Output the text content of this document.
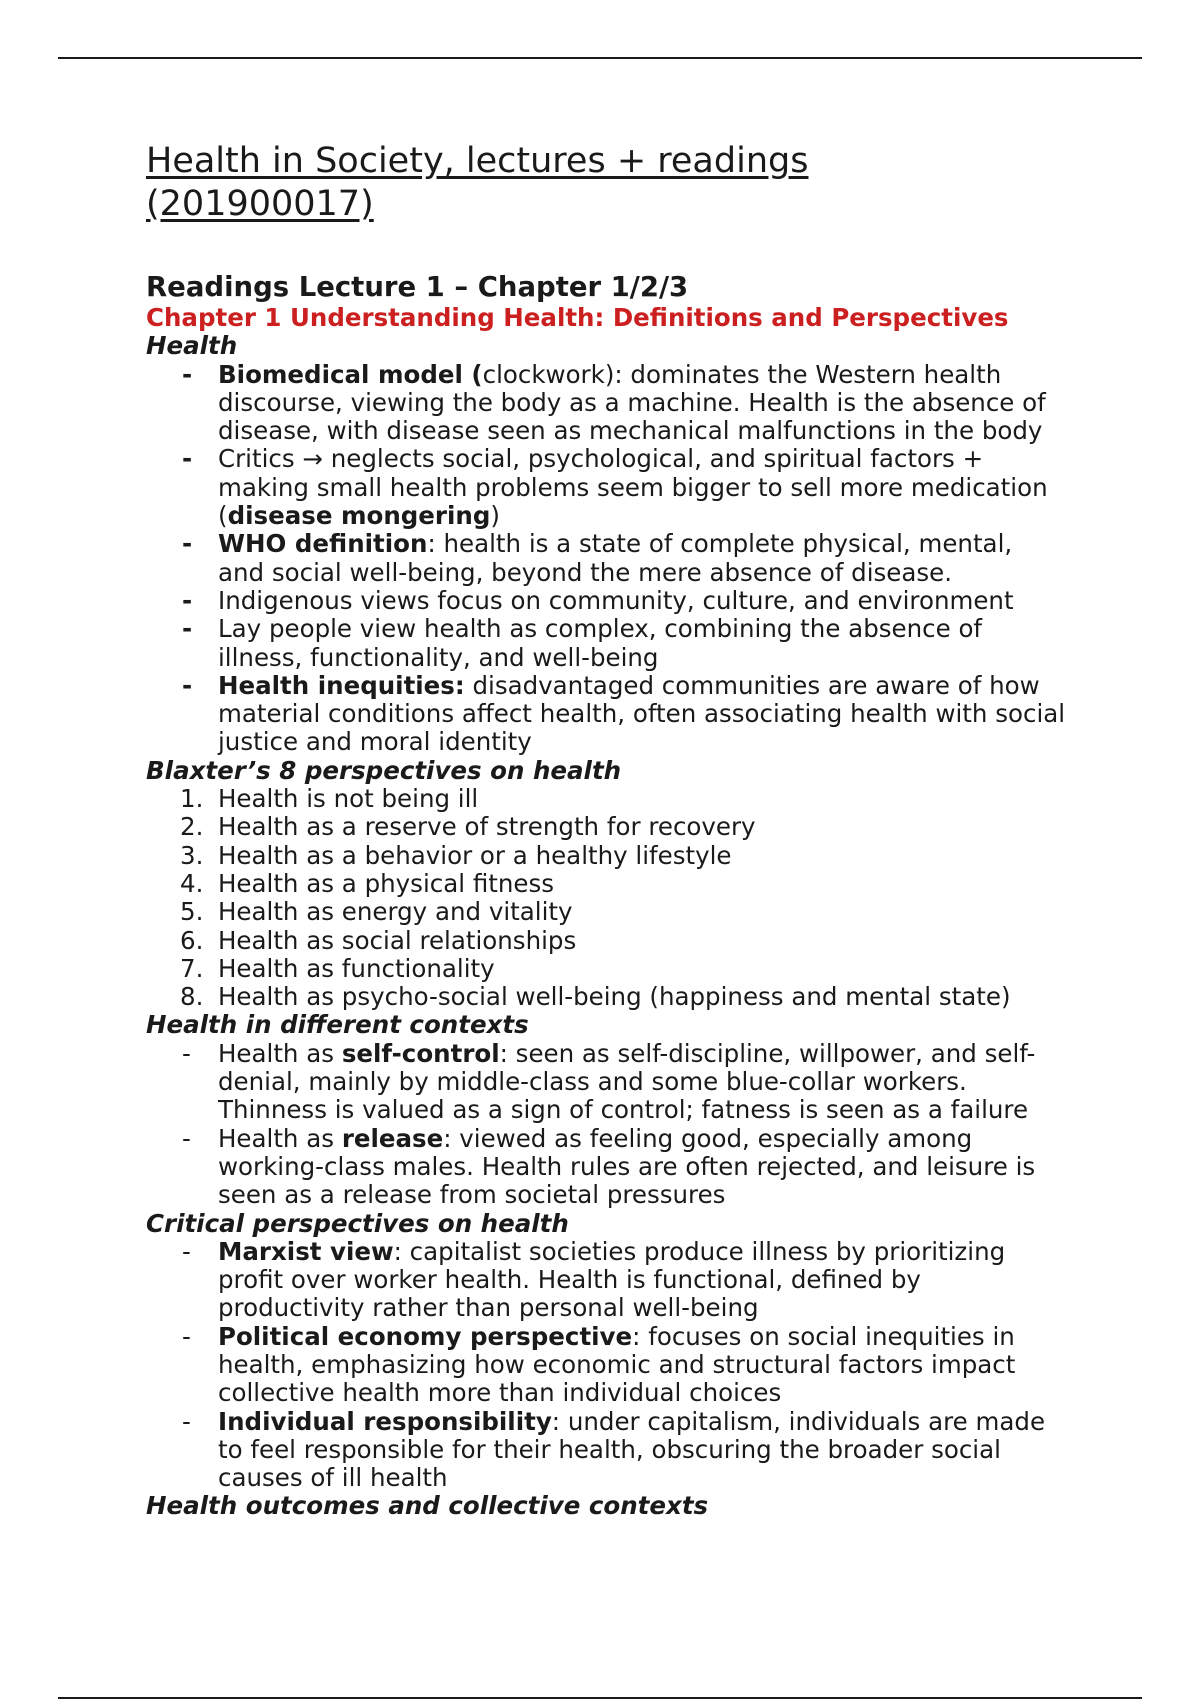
Health in Society, lectures + readings
(201900017)
Readings Lecture 1 – Chapter 1/2/3
Chapter 1 Understanding Health: Definitions and Perspectives
Health
- Biomedical model (clockwork): dominates the Western health
discourse, viewing the body as a machine. Health is the absence of
disease, with disease seen as mechanical malfunctions in the body
- Critics → neglects social, psychological, and spiritual factors +
making small health problems seem bigger to sell more medication
(disease mongering)
- WHO definition: health is a state of complete physical, mental,
and social well-being, beyond the mere absence of disease.
- Indigenous views focus on community, culture, and environment
- Lay people view health as complex, combining the absence of
illness, functionality, and well-being
- Health inequities: disadvantaged communities are aware of how
material conditions affect health, often associating health with social
justice and moral identity
Blaxter’s 8 perspectives on health
1. Health is not being ill
2. Health as a reserve of strength for recovery
3. Health as a behavior or a healthy lifestyle
4. Health as a physical fitness
5. Health as energy and vitality
6. Health as social relationships
7. Health as functionality
8. Health as psycho-social well-being (happiness and mental state)
Health in different contexts
- Health as self-control: seen as self-discipline, willpower, and self-
denial, mainly by middle-class and some blue-collar workers.
Thinness is valued as a sign of control; fatness is seen as a failure
- Health as release: viewed as feeling good, especially among
working-class males. Health rules are often rejected, and leisure is
seen as a release from societal pressures
Critical perspectives on health
- Marxist view: capitalist societies produce illness by prioritizing
profit over worker health. Health is functional, defined by
productivity rather than personal well-being
- Political economy perspective: focuses on social inequities in
health, emphasizing how economic and structural factors impact
collective health more than individual choices
- Individual responsibility: under capitalism, individuals are made
to feel responsible for their health, obscuring the broader social
causes of ill health
Health outcomes and collective contexts
